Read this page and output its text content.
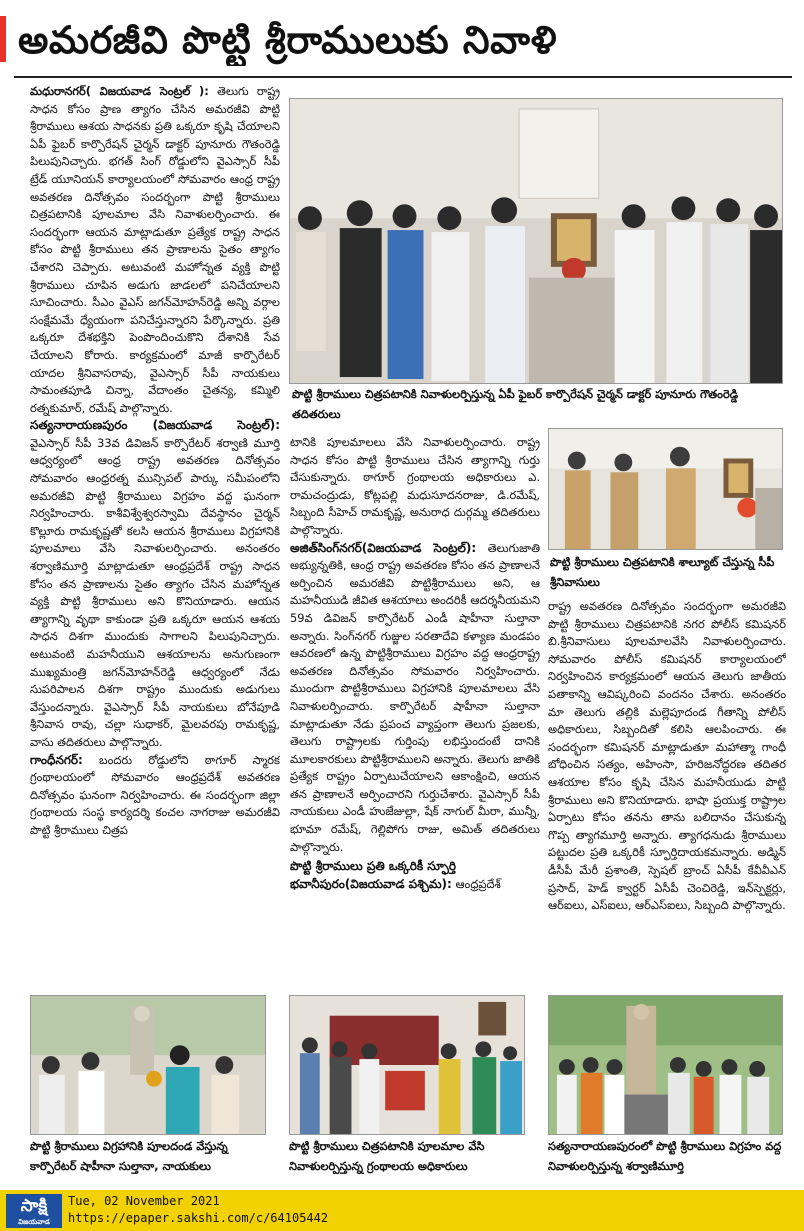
అమరజీవి పొట్టి శ్రీరాములుకు నివాళి

మధురానగర్( విజయవాడ సెంట్రల్ ): తెలుగు రాష్ట్ర సాధన కోసం ప్రాణ త్యాగం చేసిన అమరజీవి పొట్టి శ్రీరాములు ఆశయ సాధనకు ప్రతి ఒక్కరూ కృషి చేయాలని ఏపీ ఫైబర్ కార్పొరేషన్ చైర్మన్ డాక్టర్ పూనూరు గౌతంరెడ్డి పిలుపునిచ్చారు. భగత్ సింగ్ రోడ్డులోని వైఎస్సార్ సీపీ ట్రేడ్ యూనియన్ కార్యాలయంలో సోమవారం ఆంధ్ర రాష్ట్ర అవతరణ దినోత్సవం సందర్భంగా పొట్టి శ్రీరాములు చిత్రపటానికి పూలమాల వేసి నివాళులర్పించారు. ఈ సందర్భంగా ఆయన మాట్లాడుతూ ప్రత్యేక రాష్ట్ర సాధన కోసం పొట్టి శ్రీరాములు తన ప్రాణాలను సైతం త్యాగం చేశారని చెప్పారు. అటువంటి మహోన్నత వ్యక్తి పొట్టి శ్రీరాములు చూపిన అడుగు జాడలలో పనిచేయాలని సూచించారు. సీఎం వైఎస్ జగన్‌మోహన్‌రెడ్డి అన్ని వర్గాల సంక్షేమమే ధ్యేయంగా పనిచేస్తున్నారని పేర్కొన్నారు. ప్రతి ఒక్కరూ దేశభక్తిని పెంపొందించుకొని దేశానికి సేవ చేయాలని కోరారు. కార్యక్రమంలో మాజీ కార్పొరేటర్ యాదల శ్రీనివాసరావు, వైఎస్సార్ సీపీ నాయకులు సామంతపూడి చిన్నా, వేదాంతం చైతన్య, కమ్మిలి రత్నకుమార్, రమేష్ పాల్గొన్నారు.

సత్యనారాయణపురం (విజయవాడ సెంట్రల్): వైఎస్సార్ సీపీ 33వ డివిజన్ కార్పొరేటర్ శర్వాణి మూర్తి ఆధ్వర్యంలో ఆంధ్ర రాష్ట్ర అవతరణ దినోత్సవం సోమవారం ఆంధ్రరత్న మున్సిపల్ పార్కు సమీపంలోని అమరజీవి పొట్టి శ్రీరాములు విగ్రహం వద్ద ఘనంగా నిర్వహించారు. కాశీవిశ్వేశ్వరస్వామి దేవస్థానం చైర్మన్ కొల్లూరు రామకృష్ణతో కలసి ఆయన శ్రీరాములు విగ్రహానికి పూలమాలు వేసి నివాళులర్పించారు. అనంతరం శర్వాణిమూర్తి మాట్లాడుతూ ఆంధ్రప్రదేశ్ రాష్ట్ర సాధన కోసం తన ప్రాణాలను సైతం త్యాగం చేసిన మహోన్నత వ్యక్తి పొట్టి శ్రీరాములు అని కొనియాడారు. ఆయన త్యాగాన్ని వృథా కాకుండా ప్రతి ఒక్కరూ ఆయన ఆశయ సాధన దిశగా ముందుకు సాగాలని పిలుపునిచ్చారు. అటువంటి మహనీయుని ఆశయాలను అనుగుణంగా ముఖ్యమంత్రి జగన్‌మోహన్‌రెడ్డి ఆధ్వర్యంలో నేడు సుపరిపాలన దిశగా రాష్ట్రం ముందుకు అడుగులు వేస్తుందన్నారు. వైఎస్సార్ సీపీ నాయకులు బోనేపూడి శ్రీనివాస రావు, చల్లా సుధాకర్, మైలవరపు రామకృష్ణ, వాసు తదితరులు పాల్గొన్నారు.

గాంధీనగర్: బందరు రోడ్డులోని ఠాగూర్ స్మారక గ్రంథాలయంలో సోమవారం ఆంధ్రప్రదేశ్ అవతరణ దినోత్సవం ఘనంగా నిర్వహించారు. ఈ సందర్భంగా జిల్లా గ్రంథాలయ సంస్థ కార్యదర్శి కంచల నాగరాజు అమరజీవి పొట్టి శ్రీరాములు చిత్రప

పొట్టి శ్రీరాములు చిత్రపటానికి నివాళులర్పిస్తున్న ఏపీ ఫైబర్ కార్పొరేషన్ చైర్మన్ డాక్టర్ పూనూరు గౌతంరెడ్డి తదితరులు

టానికి పూలమాలలు వేసి నివాళులర్పించారు. రాష్ట్ర సాధన కోసం పొట్టి శ్రీరాములు చేసిన త్యాగాన్ని గుర్తు చేసుకున్నారు. ఠాగూర్ గ్రంథాలయ అధికారులు ఎ. రామచంద్రుడు, కోట్లపల్లి మధుసూదనరాజు, డి.రమేష్, సిబ్బంది సీహెచ్ రామకృష్ణ, అనురాధ దుర్గమ్మ తదితరులు పాల్గొన్నారు.

అజిత్‌సింగ్‌నగర్(విజయవాడ సెంట్రల్): తెలుగుజాతి అభ్యున్నతికి, ఆంధ్ర రాష్ట్ర అవతరణ కోసం తన ప్రాణాలనే అర్పించిన అమరజీవి పొట్టిశ్రీరాములు అని, ఆ మహనీయుడి జీవిత ఆశయాలు అందరికీ ఆదర్శనీయమని 59వ డివిజన్ కార్పొరేటర్ ఎండీ షాహీనా సుల్తానా అన్నారు. సింగ్‌నగర్ గుజ్జుల సరతాదేవి కళ్యాణ మండపం ఆవరణలో ఉన్న పొట్టిశ్రీరాములు విగ్రహం వద్ద ఆంధ్రరాష్ట్ర అవతరణ దినోత్సవం సోమవారం నిర్వహించారు. ముందుగా పొట్టిశ్రీరాములు విగ్రహానికి పూలమాలలు వేసి నివాళులర్పించారు. కార్పొరేటర్ షాహీనా సుల్తానా మాట్లాడుతూ నేడు ప్రపంచ వ్యాప్తంగా తెలుగు ప్రజలకు, తెలుగు రాష్ట్రాలకు గుర్తింపు లభిస్తుందంటే దానికి మూలకారకులు పొట్టిశ్రీరాములని అన్నారు. తెలుగు జాతికి ప్రత్యేక రాష్ట్రం ఏర్పాటుచేయాలని ఆకాంక్షించి, ఆయన తన ప్రాణాలనే అర్పించారని గుర్తుచేశారు. వైఎస్సార్ సీపీ నాయకులు ఎండీ హుజేజుల్లా, షేక్ నాగుల్ మీరా, మున్నీ, భూమా రమేష్, గెల్లిపోగు రాజు, అమిత్ తదితరులు పాల్గొన్నారు.

పొట్టి శ్రీరాములు ప్రతి ఒక్కరికీ స్ఫూర్తి

భవానీపురం(విజయవాడ పశ్చిమ): ఆంధ్రప్రదేశ్

పొట్టి శ్రీరాములు చిత్రపటానికి శాల్యూట్ చేస్తున్న సీపీ శ్రీనివాసులు

రాష్ట్ర అవతరణ దినోత్సవం సందర్భంగా అమరజీవి పొట్టి శ్రీరాములు చిత్రపటానికి నగర పోలీస్ కమిషనర్ బి.శ్రీనివాసులు పూలమాలవేసి నివాళులర్పించారు. సోమవారం పోలీస్ కమిషనర్ కార్యాలయంలో నిర్వహించిన కార్యక్రమంలో ఆయన తెలుగు జాతీయ పతాకాన్ని ఆవిష్కరించి వందనం చేశారు. అనంతరం మా తెలుగు తల్లికి మల్లెపూదండ గీతాన్ని పోలీస్ అధికారులు, సిబ్బందితో కలిసి ఆలపించారు. ఈ సందర్భంగా కమిషనర్ మాట్లాడుతూ మహాత్మా గాంధీ బోధించిన సత్యం, అహింసా, హరిజనోద్ధరణ తదితర ఆశయాల కోసం కృషి చేసిన మహనీయుడు పొట్టి శ్రీరాములు అని కొనియాడారు. భాషా ప్రయుక్త రాష్ట్రాల ఏర్పాటు కోసం తనను తాను బలిదానం చేసుకున్న గొప్ప త్యాగమూర్తి అన్నారు. త్యాగధనుడు శ్రీరాములు పట్టుదల ప్రతి ఒక్కరికీ స్ఫూర్తిదాయకమన్నారు. అడ్మిన్ డీసీపీ మేరీ ప్రశాంతి, స్పెషల్ బ్రాంచ్ ఏసీపీ కేవీవీఎన్ ప్రసాద్, హెడ్ క్వార్టర్ ఏసీపీ చెంచిరెడ్డి, ఇన్‌స్పెక్టర్లు, ఆర్‌ఐలు, ఎస్‌ఐలు, ఆర్‌ఎస్‌ఐలు, సిబ్బంది పాల్గొన్నారు.

పొట్టి శ్రీరాములు విగ్రహానికి పూలదండ వేస్తున్న కార్పొరేటర్ షాహీనా సుల్తానా, నాయకులు
పొట్టి శ్రీరాములు చిత్రపటానికి పూలమాల వేసి నివాళులర్పిస్తున్న గ్రంథాలయ అధికారులు
సత్యనారాయణపురంలో పొట్టి శ్రీరాములు విగ్రహం వద్ద నివాళులర్పిస్తున్న శర్వాణిమూర్తి
సాక్షి
విజయవాడ
Tue, 02 November 2021
https://epaper.sakshi.com/c/64105442
